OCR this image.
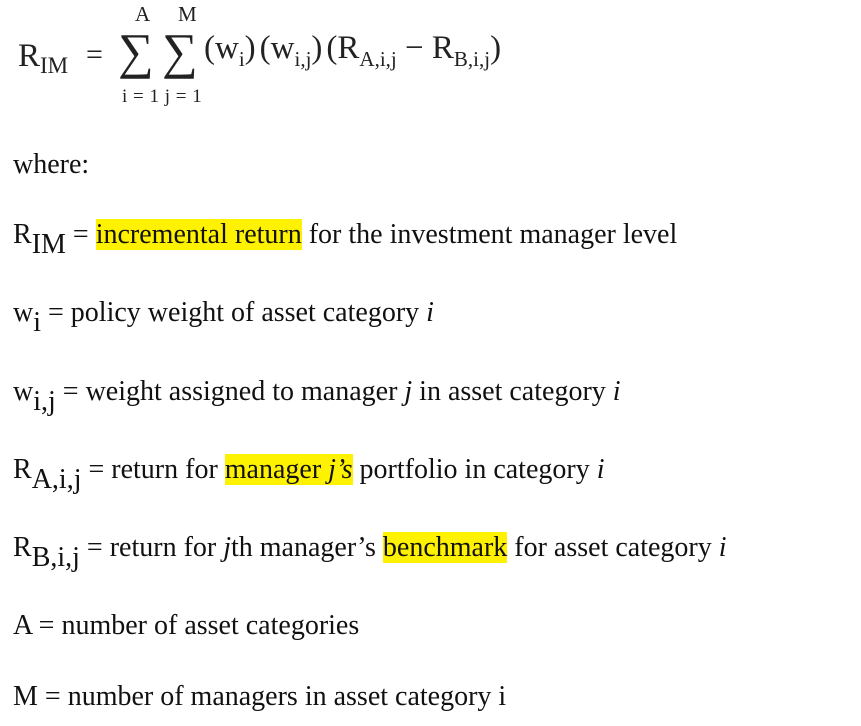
$R_{IM}$ =
A M
∑ ∑
i = 1 j = 1
$(w_i)$ $(w_{i,j}) (R_{A,i,j} - R_{B,i,j})$
where:
RIM = incremental return for the investment manager level
wi = policy weight of asset category i
wi,j = weight assigned to manager j in asset category i
RA,i,j = return for manager j’s portfolio in category i
RB,i,j = return for jth manager’s benchmark for asset category i
A = number of asset categories
M = number of managers in asset category i
